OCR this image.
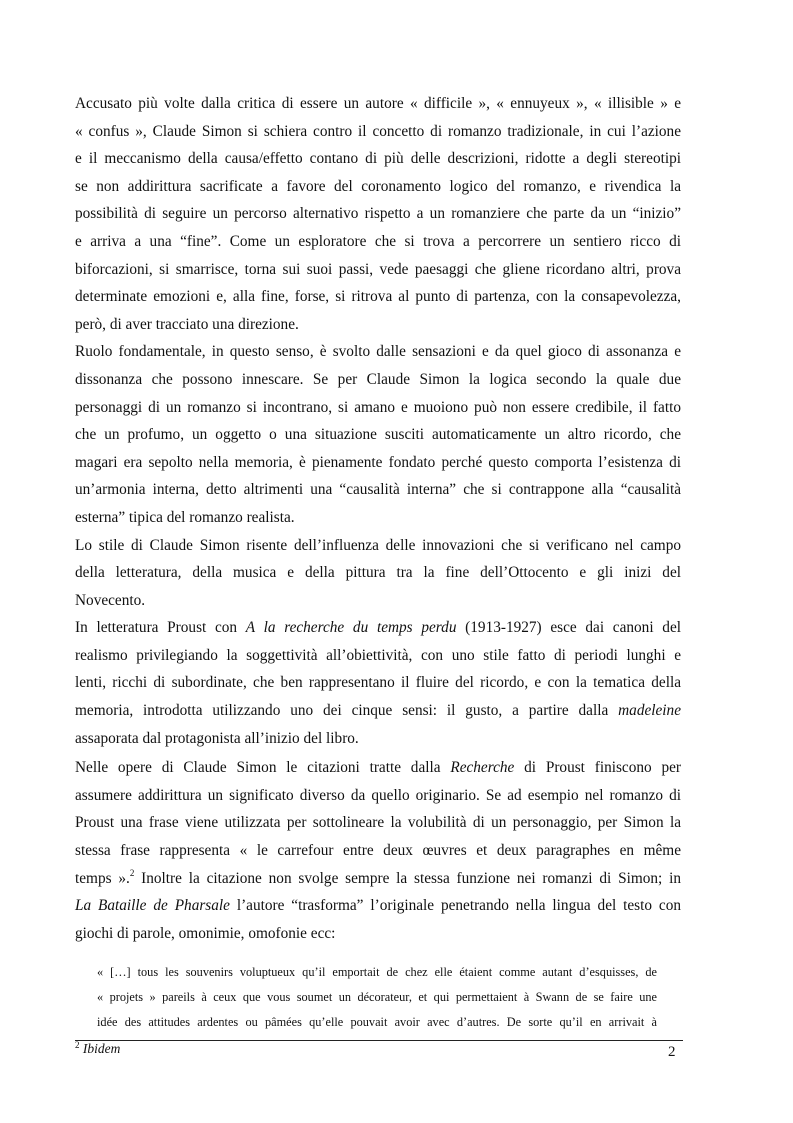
Accusato più volte dalla critica di essere un autore « difficile », « ennuyeux », « illisible » e
« confus », Claude Simon si schiera contro il concetto di romanzo tradizionale, in cui l’azione
e il meccanismo della causa/effetto contano di più delle descrizioni, ridotte a degli stereotipi
se non addirittura sacrificate a favore del coronamento logico del romanzo, e rivendica la
possibilità di seguire un percorso alternativo rispetto a un romanziere che parte da un “inizio”
e arriva a una “fine”. Come un esploratore che si trova a percorrere un sentiero ricco di
biforcazioni, si smarrisce, torna sui suoi passi, vede paesaggi che gliene ricordano altri, prova
determinate emozioni e, alla fine, forse, si ritrova al punto di partenza, con la consapevolezza,
però, di aver tracciato una direzione.
Ruolo fondamentale, in questo senso, è svolto dalle sensazioni e da quel gioco di assonanza e
dissonanza che possono innescare. Se per Claude Simon la logica secondo la quale due
personaggi di un romanzo si incontrano, si amano e muoiono può non essere credibile, il fatto
che un profumo, un oggetto o una situazione susciti automaticamente un altro ricordo, che
magari era sepolto nella memoria, è pienamente fondato perché questo comporta l’esistenza di
un’armonia interna, detto altrimenti una “causalità interna” che si contrappone alla “causalità
esterna” tipica del romanzo realista.
Lo stile di Claude Simon risente dell’influenza delle innovazioni che si verificano nel campo
della letteratura, della musica e della pittura tra la fine dell’Ottocento e gli inizi del
Novecento.
In letteratura Proust con A la recherche du temps perdu (1913-1927) esce dai canoni del
realismo privilegiando la soggettività all’obiettività, con uno stile fatto di periodi lunghi e
lenti, ricchi di subordinate, che ben rappresentano il fluire del ricordo, e con la tematica della
memoria, introdotta utilizzando uno dei cinque sensi: il gusto, a partire dalla madeleine
assaporata dal protagonista all’inizio del libro.
Nelle opere di Claude Simon le citazioni tratte dalla Recherche di Proust finiscono per
assumere addirittura un significato diverso da quello originario. Se ad esempio nel romanzo di
Proust una frase viene utilizzata per sottolineare la volubilità di un personaggio, per Simon la
stessa frase rappresenta « le carrefour entre deux œuvres et deux paragraphes en même
temps ».$^2$ Inoltre la citazione non svolge sempre la stessa funzione nei romanzi di Simon; in
La Bataille de Pharsale l’autore “trasforma” l’originale penetrando nella lingua del testo con
giochi di parole, omonimie, omofonie ecc:
« […] tous les souvenirs voluptueux qu’il emportait de chez elle étaient comme autant d’esquisses, de
« projets » pareils à ceux que vous soumet un décorateur, et qui permettaient à Swann de se faire une
idée des attitudes ardentes ou pâmées qu’elle pouvait avoir avec d’autres. De sorte qu’il en arrivait à
$^2$ Ibidem	2
